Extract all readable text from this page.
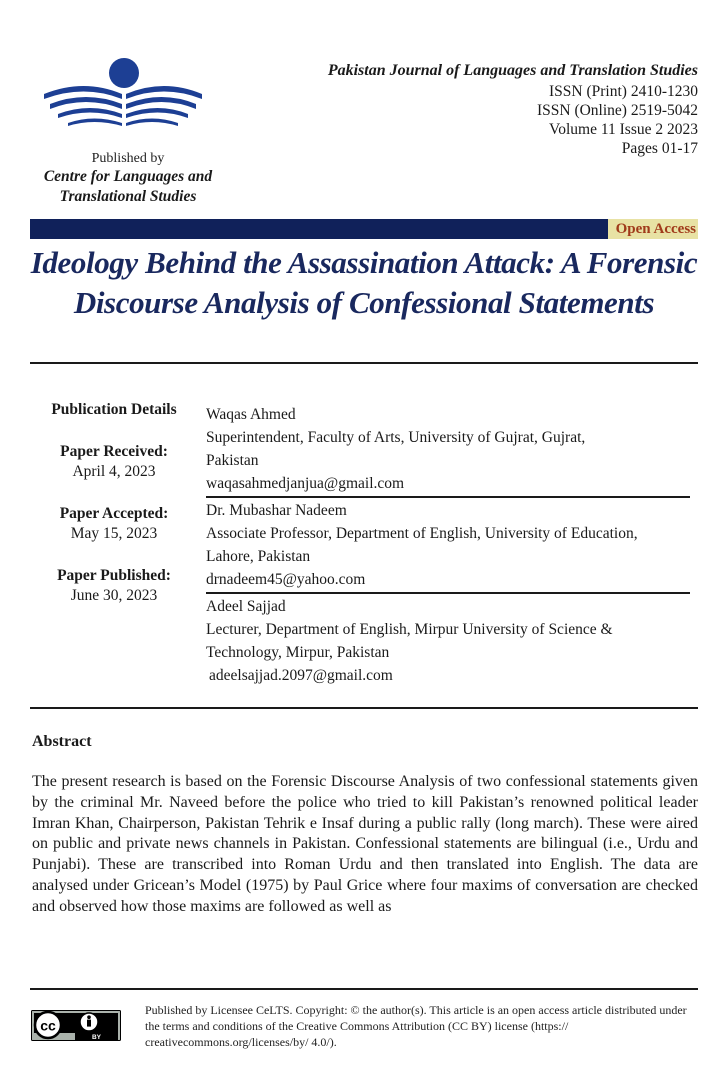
Published by
Centre for Languages and
Translational Studies
Pakistan Journal of Languages and Translation Studies
ISSN (Print) 2410-1230
ISSN (Online) 2519-5042
Volume 11 Issue 2 2023
Pages 01-17
Open Access
Ideology Behind the Assassination Attack: A Forensic Discourse Analysis of Confessional Statements
Publication Details
Paper Received:
April 4, 2023
Paper Accepted:
May 15, 2023
Paper Published:
June 30, 2023
Waqas Ahmed
Superintendent, Faculty of Arts, University of Gujrat, Gujrat,
Pakistan
waqasahmedjanjua@gmail.com
Dr. Mubashar Nadeem
Associate Professor, Department of English, University of Education,
Lahore, Pakistan
drnadeem45@yahoo.com
Adeel Sajjad
Lecturer, Department of English, Mirpur University of Science &
Technology, Mirpur, Pakistan
adeelsajjad.2097@gmail.com
Abstract

The present research is based on the Forensic Discourse Analysis of two confessional statements given by the criminal Mr. Naveed before the police who tried to kill Pakistan’s renowned political leader Imran Khan, Chairperson, Pakistan Tehrik e Insaf during a public rally (long march). These were aired on public and private news channels in Pakistan. Confessional statements are bilingual (i.e., Urdu and Punjabi). These are transcribed into Roman Urdu and then translated into English. The data are analysed under Gricean’s Model (1975) by Paul Grice where four maxims of conversation are checked and observed how those maxims are followed as well as

cc
BY

Published by Licensee CeLTS. Copyright: © the author(s). This article is an open access article distributed under the terms and conditions of the Creative Commons Attribution (CC BY) license (https:// creativecommons.org/licenses/by/ 4.0/).
